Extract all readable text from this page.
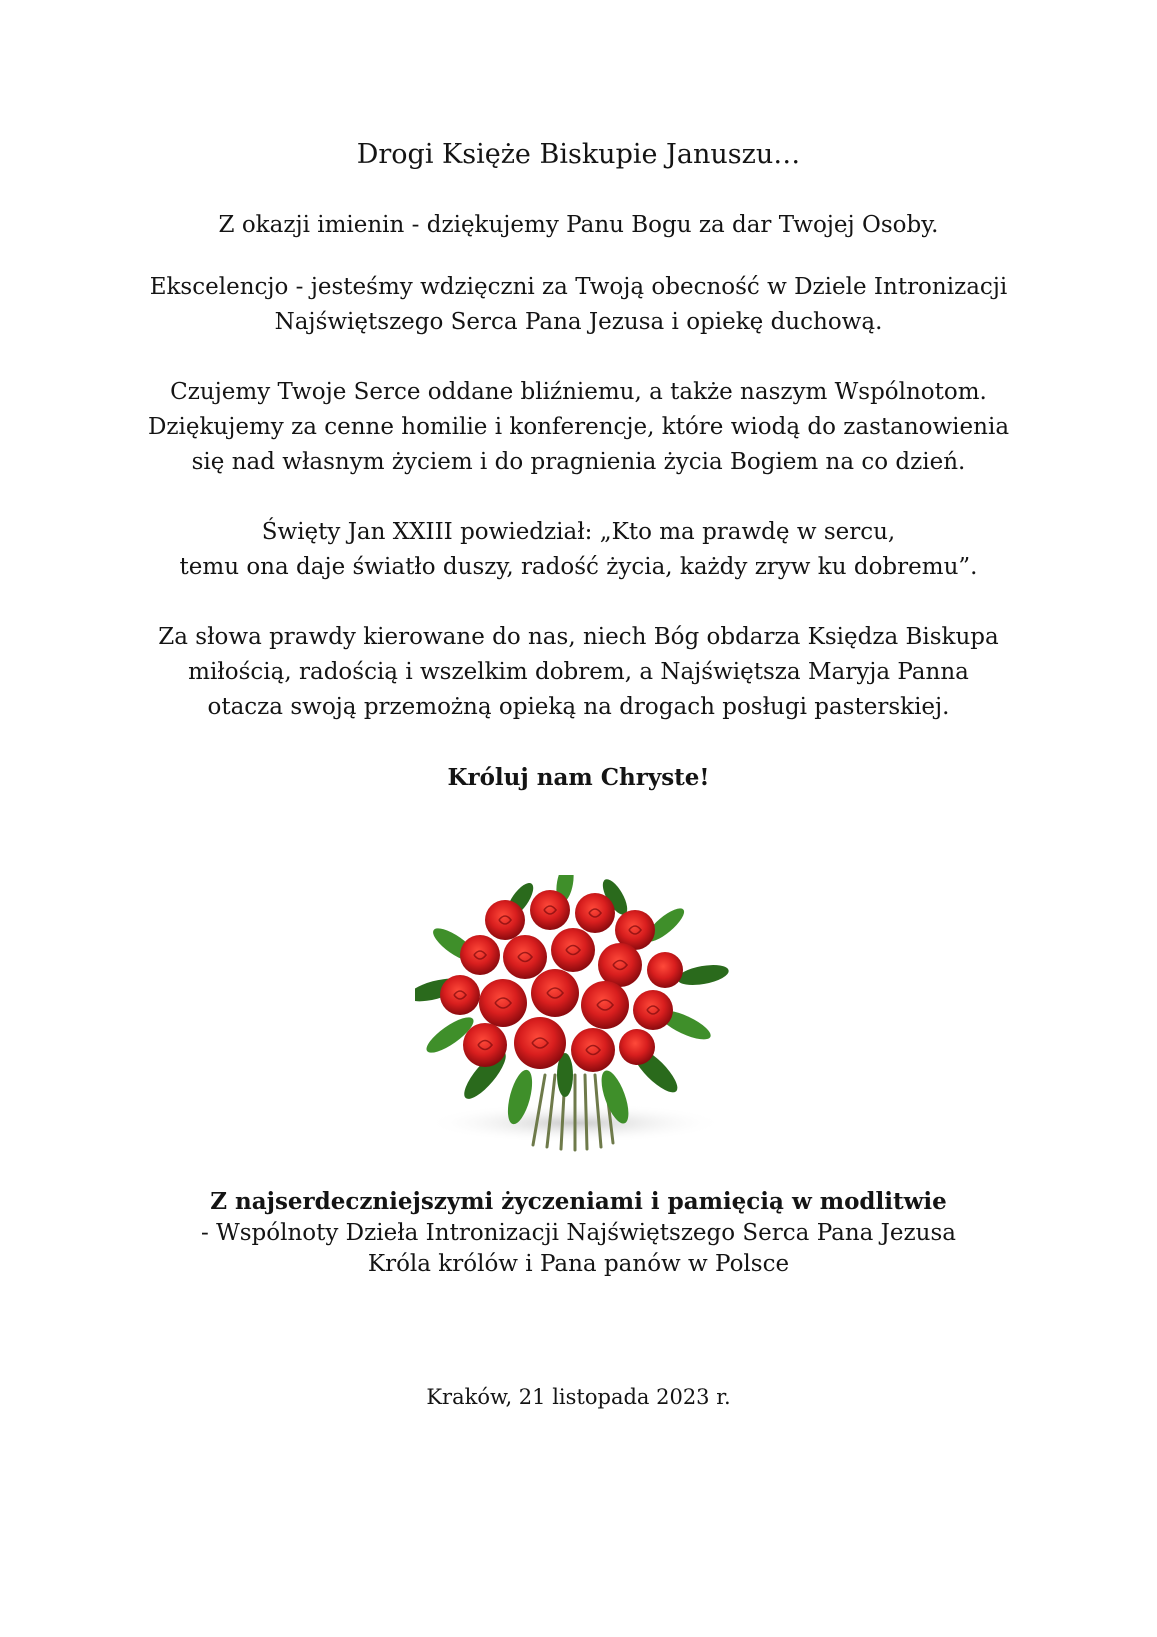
Drogi Księże Biskupie Januszu…
Z okazji imienin - dziękujemy Panu Bogu za dar Twojej Osoby.
Ekscelencjo - jesteśmy wdzięczni za Twoją obecność w Dziele Intronizacji
Najświętszego Serca Pana Jezusa i opiekę duchową.
Czujemy Twoje Serce oddane bliźniemu, a także naszym Wspólnotom.
Dziękujemy za cenne homilie i konferencje, które wiodą do zastanowienia
się nad własnym życiem i do pragnienia życia Bogiem na co dzień.
Święty Jan XXIII powiedział: „Kto ma prawdę w sercu,
temu ona daje światło duszy, radość życia, każdy zryw ku dobremu”.
Za słowa prawdy kierowane do nas, niech Bóg obdarza Księdza Biskupa
miłością, radością i wszelkim dobrem, a Najświętsza Maryja Panna
otacza swoją przemożną opieką na drogach posługi pasterskiej.
Króluj nam Chryste!
Z najserdeczniejszymi życzeniami i pamięcią w modlitwie
- Wspólnoty Dzieła Intronizacji Najświętszego Serca Pana Jezusa
Króla królów i Pana panów w Polsce
Kraków, 21 listopada 2023 r.
